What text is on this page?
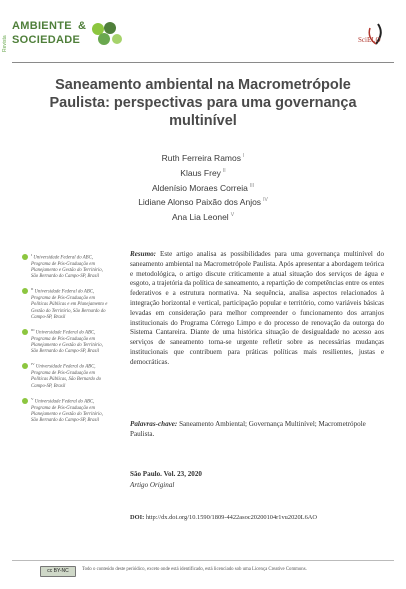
Revista
AMBIENTE
SOCIEDADE
&
SciELO
Saneamento ambiental na Macrometrópole Paulista: perspectivas para uma governança multinível
Ruth Ferreira Ramos $^I$
Klaus Frey $^{II}$
Aldenísio Moraes Correia $^{III}$
Lidiane Alonso Paixão dos Anjos $^{IV}$
Ana Lia Leonel $^V$
$^I$ Universidade Federal do ABC, Programa de Pós-Graduação em Planejamento e Gestão do Território, São Bernardo do Campo-SP, Brasil
$^{II}$ Universidade Federal do ABC, Programa de Pós-Graduação em Políticas Públicas e em Planejamento e Gestão do Território, São Bernardo do Campo-SP, Brasil
$^{III}$ Universidade Federal do ABC, Programa de Pós-Graduação em Planejamento e Gestão do Território, São Bernardo do Campo-SP, Brasil
$^{IV}$ Universidade Federal do ABC, Programa de Pós-Graduação em Políticas Públicas, São Bernardo do Campo-SP, Brasil
$^V$ Universidade Federal do ABC, Programa de Pós-Graduação em Planejamento e Gestão do Território, São Bernardo do Campo-SP, Brasil
Resumo: Este artigo analisa as possibilidades para uma governança multinível do saneamento ambiental na Macrometrópole Paulista. Após apresentar a abordagem teórica e metodológica, o artigo discute criticamente a atual situação dos serviços de água e esgoto, a trajetória da política de saneamento, a repartição de competências entre os entes federativos e a estrutura normativa. Na sequência, analisa aspectos relacionados à integração horizontal e vertical, participação popular e território, como variáveis básicas levadas em consideração para melhor compreender o funcionamento dos arranjos institucionais do Programa Córrego Limpo e do processo de renovação da outorga do Sistema Cantareira. Diante de uma histórica situação de desigualdade no acesso aos serviços de saneamento torna-se urgente refletir sobre as necessárias mudanças institucionais que contribuem para práticas políticas mais resilientes, justas e democráticas.
Palavras-chave: Saneamento Ambiental; Governança Multinível; Macrometrópole Paulista.
São Paulo. Vol. 23, 2020
Artigo Original
DOI: http://dx.doi.org/10.1590/1809-4422asoc20200104r1vu2020L6AO
cc BY-NC	Todo o conteúdo deste periódico, exceto onde está identificado, está licenciado sob uma Licença Creative Commons.
